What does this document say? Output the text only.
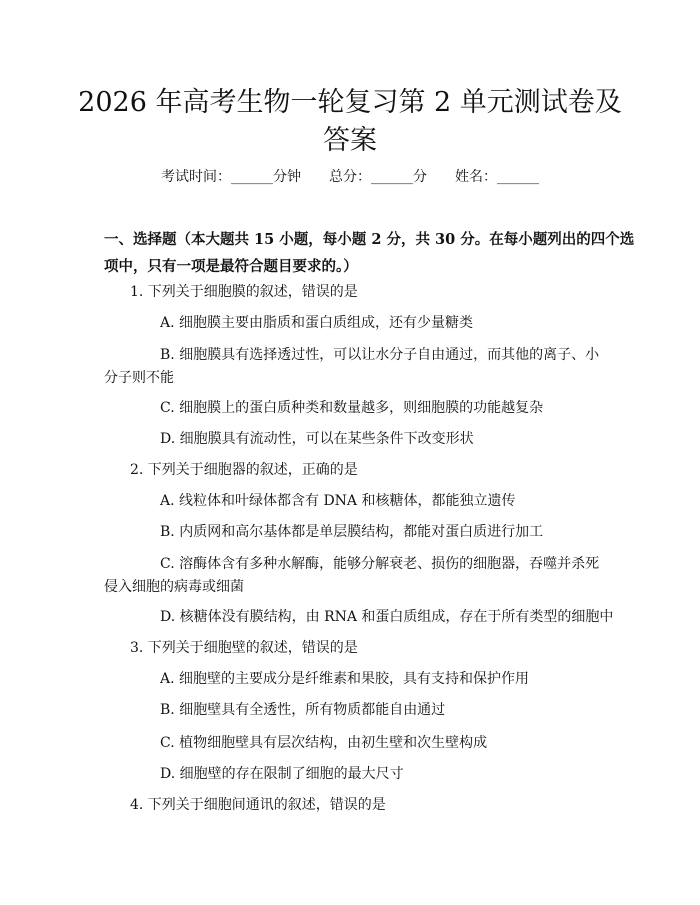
2026 年高考生物一轮复习第 2 单元测试卷及
答案
考试时间：______分钟 总分：______分 姓名：______
一、选择题（本大题共 15 小题，每小题 2 分，共 30 分。在每小题列出的四个选
项中，只有一项是最符合题目要求的。）
1. 下列关于细胞膜的叙述，错误的是
A. 细胞膜主要由脂质和蛋白质组成，还有少量糖类
B. 细胞膜具有选择透过性，可以让水分子自由通过，而其他的离子、小
分子则不能
C. 细胞膜上的蛋白质种类和数量越多，则细胞膜的功能越复杂
D. 细胞膜具有流动性，可以在某些条件下改变形状
2. 下列关于细胞器的叙述，正确的是
A. 线粒体和叶绿体都含有 DNA 和核糖体，都能独立遗传
B. 内质网和高尔基体都是单层膜结构，都能对蛋白质进行加工
C. 溶酶体含有多种水解酶，能够分解衰老、损伤的细胞器，吞噬并杀死
侵入细胞的病毒或细菌
D. 核糖体没有膜结构，由 RNA 和蛋白质组成，存在于所有类型的细胞中
3. 下列关于细胞壁的叙述，错误的是
A. 细胞壁的主要成分是纤维素和果胶，具有支持和保护作用
B. 细胞壁具有全透性，所有物质都能自由通过
C. 植物细胞壁具有层次结构，由初生壁和次生壁构成
D. 细胞壁的存在限制了细胞的最大尺寸
4. 下列关于细胞间通讯的叙述，错误的是
